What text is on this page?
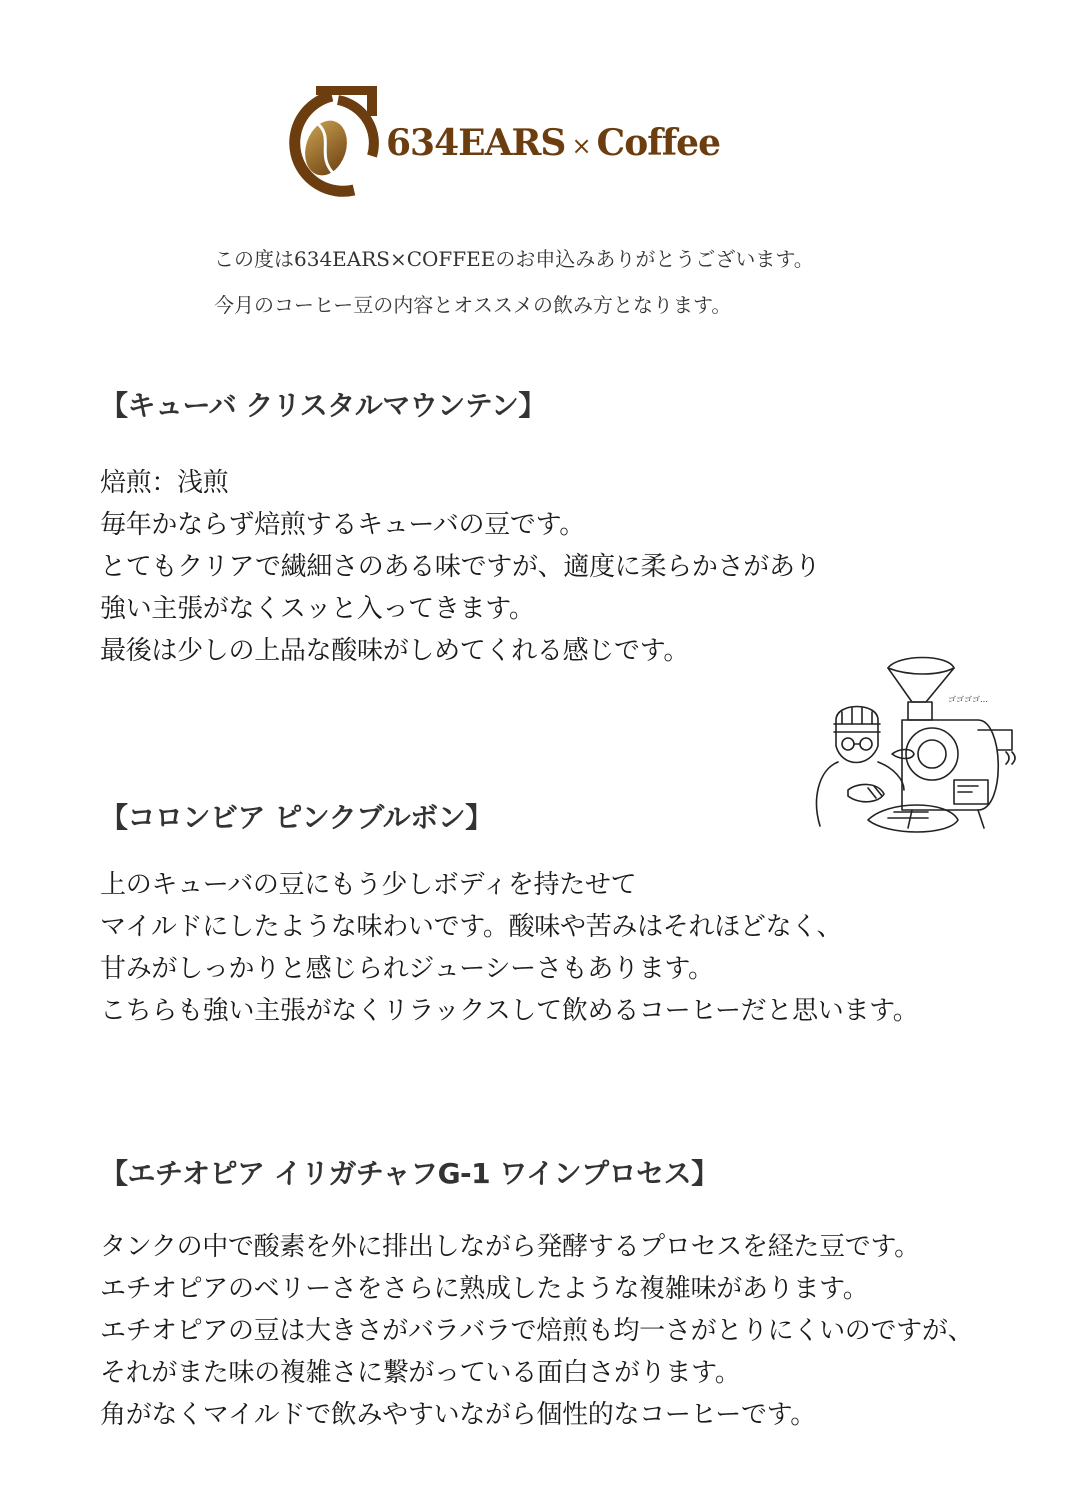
634EARS × Coffee

この度は634EARS×COFFEEのお申込みありがとうございます。

今月のコーヒー豆の内容とオススメの飲み方となります。

【キューバ クリスタルマウンテン】

焙煎：浅煎

毎年かならず焙煎するキューバの豆です。

とてもクリアで繊細さのある味ですが、適度に柔らかさがあり

強い主張がなくスッと入ってきます。

最後は少しの上品な酸味がしめてくれる感じです。

ゴゴゴゴ…
【コロンビア ピンクブルボン】

上のキューバの豆にもう少しボディを持たせて

マイルドにしたような味わいです。酸味や苦みはそれほどなく、

甘みがしっかりと感じられジューシーさもあります。

こちらも強い主張がなくリラックスして飲めるコーヒーだと思います。

【エチオピア イリガチャフG-1 ワインプロセス】

タンクの中で酸素を外に排出しながら発酵するプロセスを経た豆です。

エチオピアのベリーさをさらに熟成したような複雑味があります。

エチオピアの豆は大きさがバラバラで焙煎も均一さがとりにくいのですが、

それがまた味の複雑さに繋がっている面白さがります。

角がなくマイルドで飲みやすいながら個性的なコーヒーです。
